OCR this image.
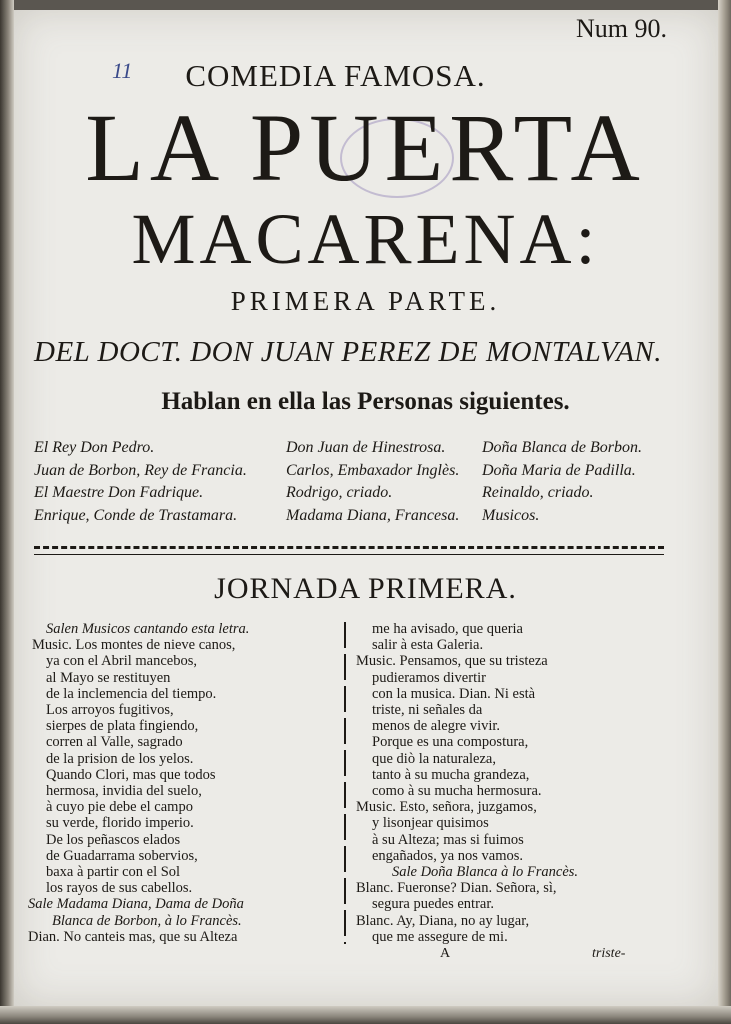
Num 90.
11	COMEDIA FAMOSA.
LA PUERTA
MACARENA:
PRIMERA PARTE.
DEL DOCT. DON JUAN PEREZ DE MONTALVAN.
Hablan en ella las Personas siguientes.
El Rey Don Pedro.
Juan de Borbon, Rey de Francia.
El Maestre Don Fadrique.
Enrique, Conde de Trastamara.
Don Juan de Hinestrosa.
Carlos, Embaxador Inglès.
Rodrigo, criado.
Madama Diana, Francesa.
Doña Blanca de Borbon.
Doña Maria de Padilla.
Reinaldo, criado.
Musicos.
JORNADA PRIMERA.
Salen Musicos cantando esta letra.
Music. Los montes de nieve canos,
ya con el Abril mancebos,
al Mayo se restituyen
de la inclemencia del tiempo.
Los arroyos fugitivos,
sierpes de plata fingiendo,
corren al Valle, sagrado
de la prision de los yelos.
Quando Clori, mas que todos
hermosa, invidia del suelo,
à cuyo pie debe el campo
su verde, florido imperio.
De los peñascos elados
de Guadarrama sobervios,
baxa à partir con el Sol
los rayos de sus cabellos.
Sale Madama Diana, Dama de Doña
Blanca de Borbon, à lo Francès.
Dian. No canteis mas, que su Alteza
me ha avisado, que queria
salir à esta Galeria.
Music. Pensamos, que su tristeza
pudieramos divertir
con la musica. Dian. Ni està
triste, ni señales da
menos de alegre vivir.
Porque es una compostura,
que diò la naturaleza,
tanto à su mucha grandeza,
como à su mucha hermosura.
Music. Esto, señora, juzgamos,
y lisonjear quisimos
à su Alteza; mas si fuimos
engañados, ya nos vamos.
Sale Doña Blanca à lo Francès.
Blanc. Fueronse? Dian. Señora, sì,
segura puedes entrar.
Blanc. Ay, Diana, no ay lugar,
que me assegure de mi.
A	triste-
